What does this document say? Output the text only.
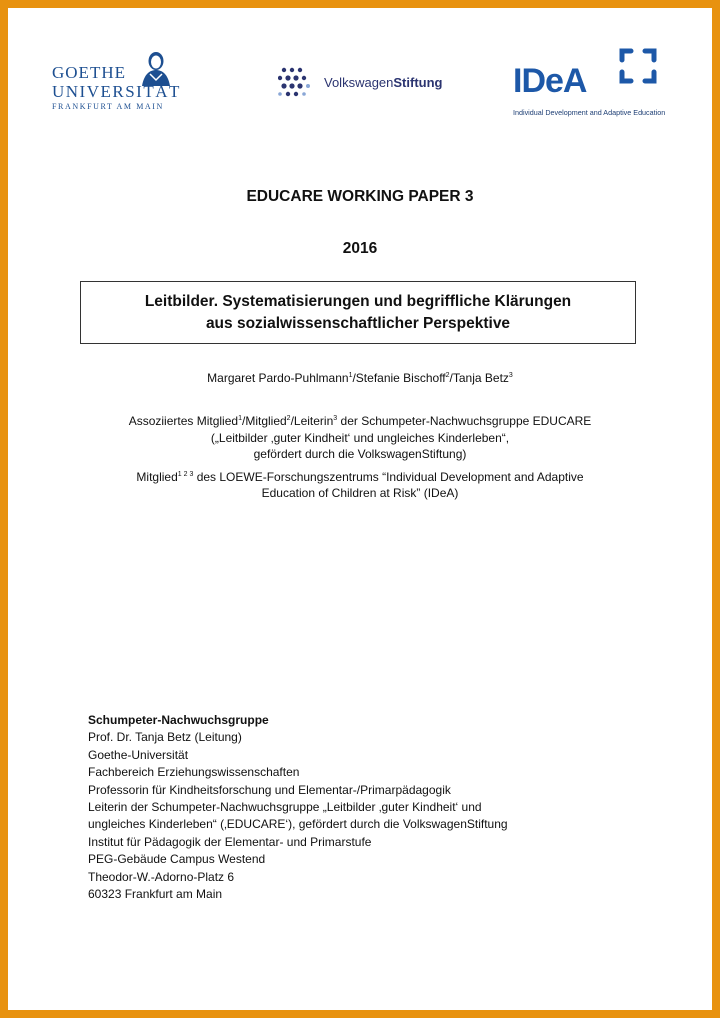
GOETHE
UNIVERSITÄT
FRANKFURT AM MAIN
VolkswagenStiftung IDeA
Individual Development and Adaptive Education
EDUCARE WORKING PAPER 3
2016
Leitbilder. Systematisierungen und begriffliche Klärungen
aus sozialwissenschaftlicher Perspektive
Margaret Pardo-Puhlmann$^1$/Stefanie Bischoff$^2$/Tanja Betz$^3$

Assoziiertes Mitglied$^1$/Mitglied$^2$/Leiterin$^3$ der Schumpeter-Nachwuchsgruppe EDUCARE

(„Leitbilder ‚guter Kindheit‘ und ungleiches Kinderleben“,

gefördert durch die VolkswagenStiftung)

Mitglied$^{1 2 3}$ des LOEWE-Forschungszentrums “Individual Development and Adaptive

Education of Children at Risk” (IDeA)

Schumpeter-Nachwuchsgruppe

Prof. Dr. Tanja Betz (Leitung)

Goethe-Universität

Fachbereich Erziehungswissenschaften

Professorin für Kindheitsforschung und Elementar-/Primarpädagogik

Leiterin der Schumpeter-Nachwuchsgruppe „Leitbilder ‚guter Kindheit‘ und

ungleiches Kinderleben“ (‚EDUCARE‘), gefördert durch die VolkswagenStiftung

Institut für Pädagogik der Elementar- und Primarstufe

PEG-Gebäude Campus Westend

Theodor-W.-Adorno-Platz 6

60323 Frankfurt am Main
